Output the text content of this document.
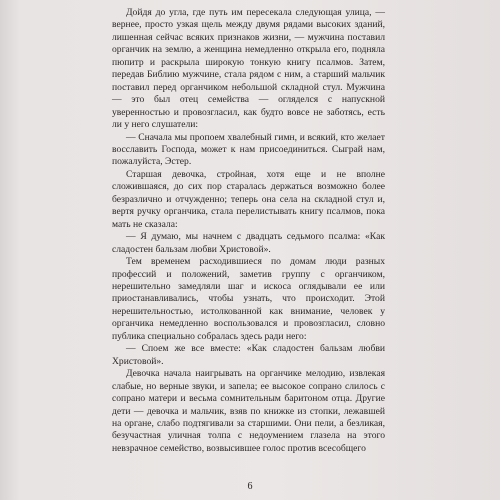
Дойдя до угла, где путь им пересекала следующая улица, — вернее, просто узкая щель между двумя рядами высоких зданий, лишенная сейчас всяких признаков жизни, — мужчина поставил органчик на землю, а женщина немедленно открыла его, подняла пюпитр и раскрыла широкую тонкую книгу псалмов. Затем, передав Библию мужчине, стала рядом с ним, а старший мальчик поставил перед органчиком небольшой складной стул. Мужчина — это был отец семейства — огляделся с напускной уверенностью и провозгласил, как будто вовсе не заботясь, есть ли у него слушатели:

— Сначала мы пропоем хвалебный гимн, и всякий, кто желает восславить Господа, может к нам присоединиться. Сыграй нам, пожалуйста, Эстер.

Старшая девочка, стройная, хотя еще и не вполне сложившаяся, до сих пор старалась держаться возможно более безразлично и отчужденно; теперь она села на складной стул и, вертя ручку органчика, стала перелистывать книгу псалмов, пока мать не сказала:

— Я думаю, мы начнем с двадцать седьмого псалма: «Как сладостен бальзам любви Христовой».

Тем временем расходившиеся по домам люди разных профессий и положений, заметив группу с органчиком, нерешительно замедляли шаг и искоса оглядывали ее или приостанавливались, чтобы узнать, что происходит. Этой нерешительностью, истолкованной как внимание, человек у органчика немедленно воспользовался и провозгласил, словно публика специально собралась здесь ради него:

— Споем же все вместе: «Как сладостен бальзам любви Христовой».

Девочка начала наигрывать на органчике мелодию, извлекая слабые, но верные звуки, и запела; ее высокое сопрано слилось с сопрано матери и весьма сомнительным баритоном отца. Другие дети — девочка и мальчик, взяв по книжке из стопки, лежавшей на органе, слабо подтягивали за старшими. Они пели, а безликая, безучастная уличная толпа с недоумением глазела на этого невзрачное семейство, возвысившее голос против всесобщего

6
